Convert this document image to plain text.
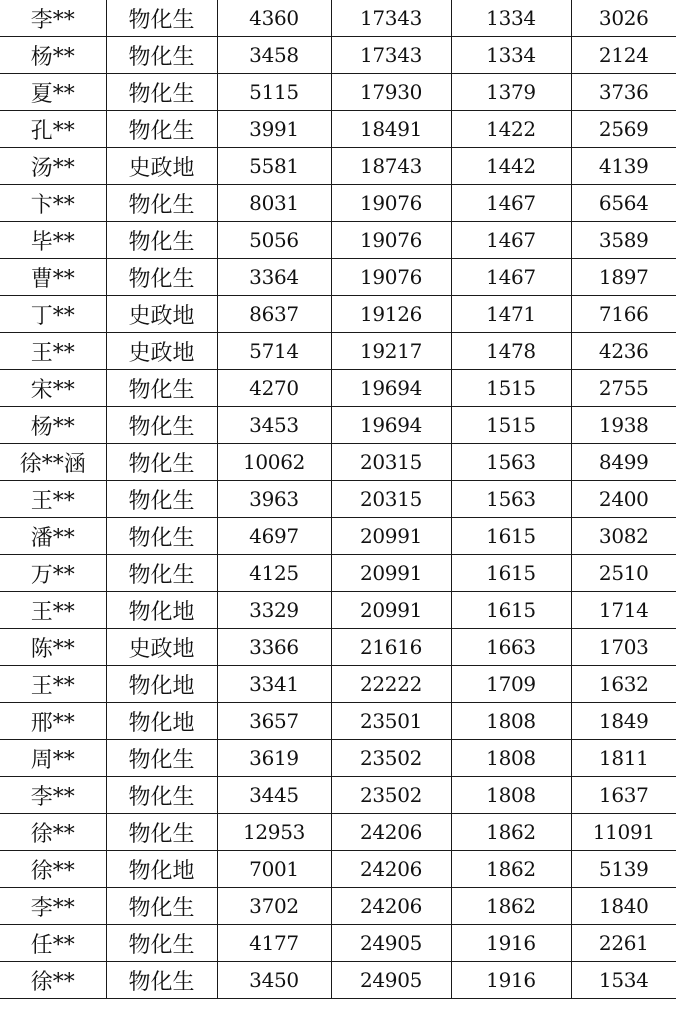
李**	物化生	4360	17343	1334	3026
杨**	物化生	3458	17343	1334	2124
夏**	物化生	5115	17930	1379	3736
孔**	物化生	3991	18491	1422	2569
汤**	史政地	5581	18743	1442	4139
卞**	物化生	8031	19076	1467	6564
毕**	物化生	5056	19076	1467	3589
曹**	物化生	3364	19076	1467	1897
丁**	史政地	8637	19126	1471	7166
王**	史政地	5714	19217	1478	4236
宋**	物化生	4270	19694	1515	2755
杨**	物化生	3453	19694	1515	1938
徐**涵	物化生	10062	20315	1563	8499
王**	物化生	3963	20315	1563	2400
潘**	物化生	4697	20991	1615	3082
万**	物化生	4125	20991	1615	2510
王**	物化地	3329	20991	1615	1714
陈**	史政地	3366	21616	1663	1703
王**	物化地	3341	22222	1709	1632
邢**	物化地	3657	23501	1808	1849
周**	物化生	3619	23502	1808	1811
李**	物化生	3445	23502	1808	1637
徐**	物化生	12953	24206	1862	11091
徐**	物化地	7001	24206	1862	5139
李**	物化生	3702	24206	1862	1840
任**	物化生	4177	24905	1916	2261
徐**	物化生	3450	24905	1916	1534
